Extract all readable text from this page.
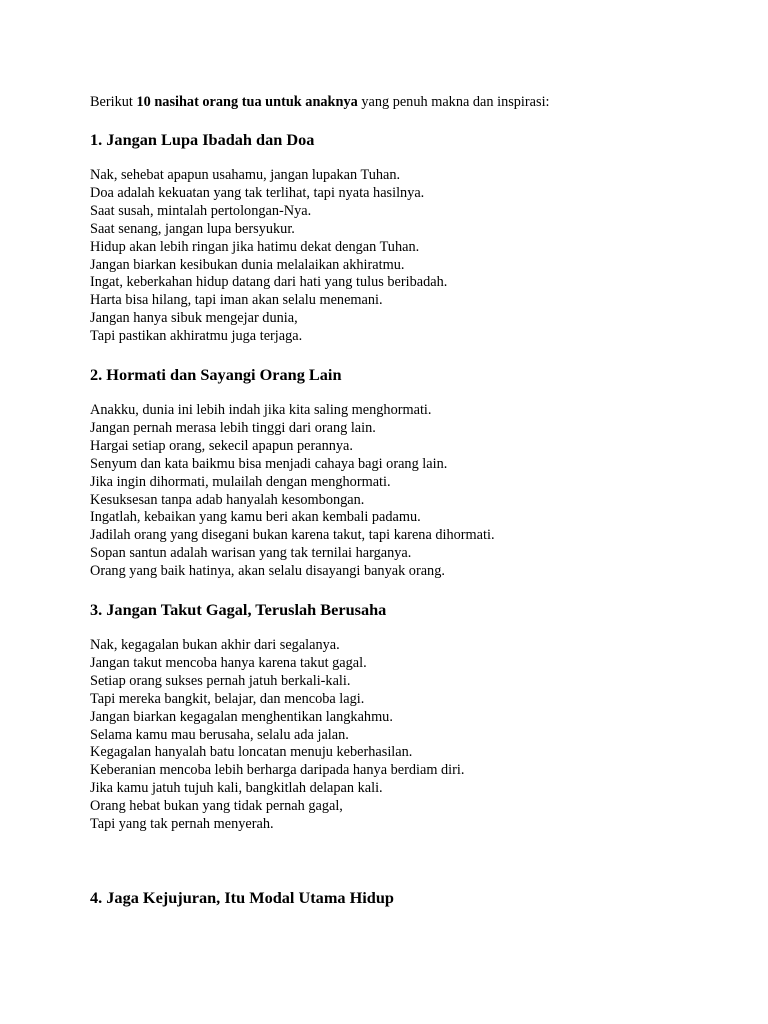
Berikut 10 nasihat orang tua untuk anaknya yang penuh makna dan inspirasi:

1. Jangan Lupa Ibadah dan Doa
Nak, sehebat apapun usahamu, jangan lupakan Tuhan.
Doa adalah kekuatan yang tak terlihat, tapi nyata hasilnya.
Saat susah, mintalah pertolongan-Nya.
Saat senang, jangan lupa bersyukur.
Hidup akan lebih ringan jika hatimu dekat dengan Tuhan.
Jangan biarkan kesibukan dunia melalaikan akhiratmu.
Ingat, keberkahan hidup datang dari hati yang tulus beribadah.
Harta bisa hilang, tapi iman akan selalu menemani.
Jangan hanya sibuk mengejar dunia,
Tapi pastikan akhiratmu juga terjaga.
2. Hormati dan Sayangi Orang Lain
Anakku, dunia ini lebih indah jika kita saling menghormati.
Jangan pernah merasa lebih tinggi dari orang lain.
Hargai setiap orang, sekecil apapun perannya.
Senyum dan kata baikmu bisa menjadi cahaya bagi orang lain.
Jika ingin dihormati, mulailah dengan menghormati.
Kesuksesan tanpa adab hanyalah kesombongan.
Ingatlah, kebaikan yang kamu beri akan kembali padamu.
Jadilah orang yang disegani bukan karena takut, tapi karena dihormati.
Sopan santun adalah warisan yang tak ternilai harganya.
Orang yang baik hatinya, akan selalu disayangi banyak orang.
3. Jangan Takut Gagal, Teruslah Berusaha
Nak, kegagalan bukan akhir dari segalanya.
Jangan takut mencoba hanya karena takut gagal.
Setiap orang sukses pernah jatuh berkali-kali.
Tapi mereka bangkit, belajar, dan mencoba lagi.
Jangan biarkan kegagalan menghentikan langkahmu.
Selama kamu mau berusaha, selalu ada jalan.
Kegagalan hanyalah batu loncatan menuju keberhasilan.
Keberanian mencoba lebih berharga daripada hanya berdiam diri.
Jika kamu jatuh tujuh kali, bangkitlah delapan kali.
Orang hebat bukan yang tidak pernah gagal,
Tapi yang tak pernah menyerah.
4. Jaga Kejujuran, Itu Modal Utama Hidup
